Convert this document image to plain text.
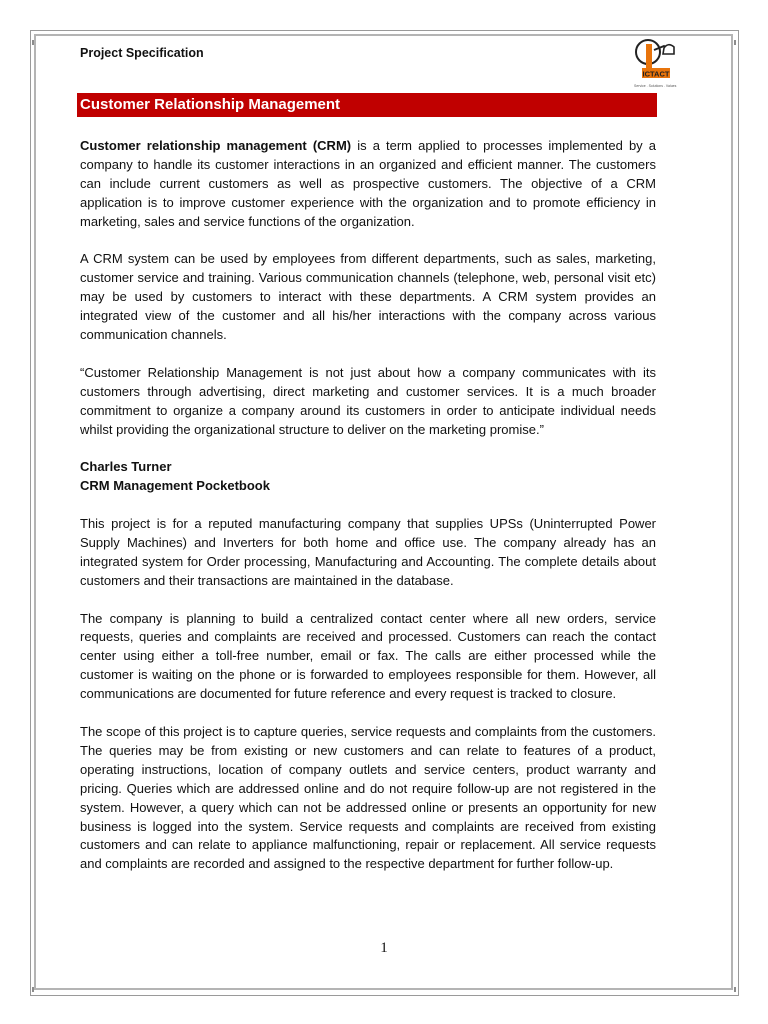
Project Specification
ICTACT
Service . Solutions . Values
Customer Relationship Management

Customer relationship management (CRM) is a term applied to processes implemented by a company to handle its customer interactions in an organized and efficient manner. The customers can include current customers as well as prospective customers. The objective of a CRM application is to improve customer experience with the organization and to promote efficiency in marketing, sales and service functions of the organization.

A CRM system can be used by employees from different departments, such as sales, marketing, customer service and training. Various communication channels (telephone, web, personal visit etc) may be used by customers to interact with these departments. A CRM system provides an integrated view of the customer and all his/her interactions with the company across various communication channels.

“Customer Relationship Management is not just about how a company communicates with its customers through advertising, direct marketing and customer services. It is a much broader commitment to organize a company around its customers in order to anticipate individual needs whilst providing the organizational structure to deliver on the marketing promise.”

Charles Turner
CRM Management Pocketbook

This project is for a reputed manufacturing company that supplies UPSs (Uninterrupted Power Supply Machines) and Inverters for both home and office use. The company already has an integrated system for Order processing, Manufacturing and Accounting. The complete details about customers and their transactions are maintained in the database.

The company is planning to build a centralized contact center where all new orders, service requests, queries and complaints are received and processed. Customers can reach the contact center using either a toll-free number, email or fax. The calls are either processed while the customer is waiting on the phone or is forwarded to employees responsible for them. However, all communications are documented for future reference and every request is tracked to closure.

The scope of this project is to capture queries, service requests and complaints from the customers. The queries may be from existing or new customers and can relate to features of a product, operating instructions, location of company outlets and service centers, product warranty and pricing. Queries which are addressed online and do not require follow-up are not registered in the system. However, a query which can not be addressed online or presents an opportunity for new business is logged into the system. Service requests and complaints are received from existing customers and can relate to appliance malfunctioning, repair or replacement. All service requests and complaints are recorded and assigned to the respective department for further follow-up.

1
